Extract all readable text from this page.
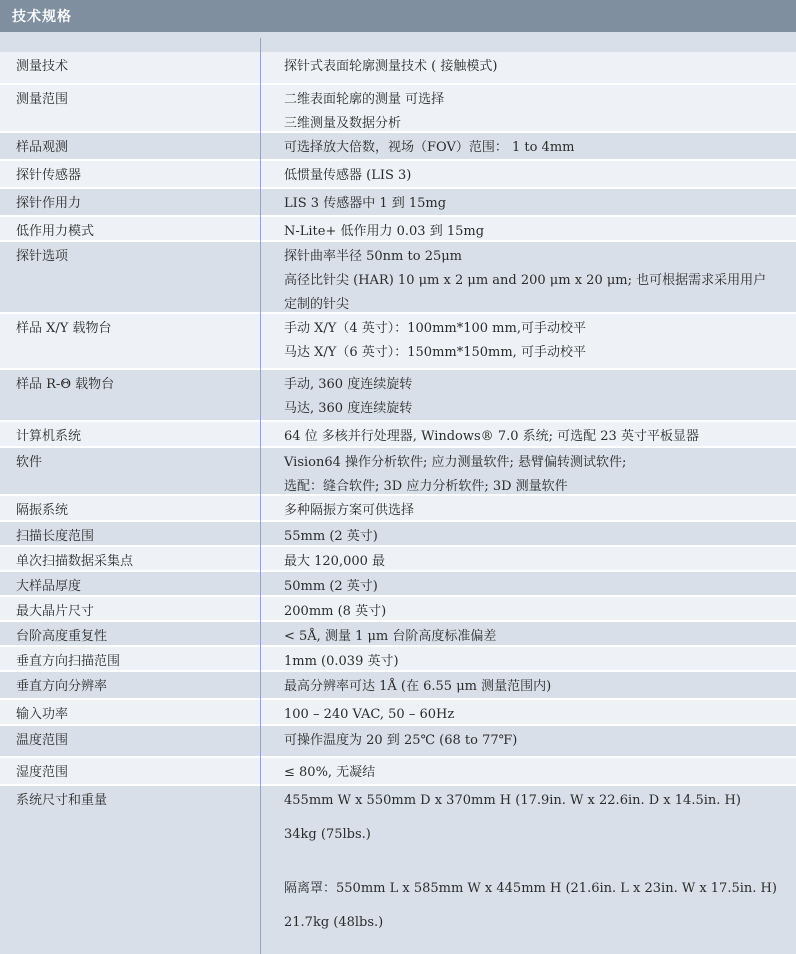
技术规格
测量技术	探针式表面轮廓测量技术 ( 接触模式)
测量范围	二维表面轮廓的测量 可选择
三维测量及数据分析
样品观测	可选择放大倍数，视场（FOV）范围： 1 to 4mm
探针传感器	低惯量传感器 (LIS 3)
探针作用力	LIS 3 传感器中 1 到 15mg
低作用力模式	N-Lite+ 低作用力 0.03 到 15mg
探针选项	探针曲率半径 50nm to 25μm
高径比针尖 (HAR) 10 μm x 2 μm and 200 μm x 20 μm; 也可根据需求采用用户
定制的针尖
样品 X/Y 载物台	手动 X/Y（4 英寸）：100mm*100 mm,可手动校平
马达 X/Y（6 英寸）：150mm*150mm, 可手动校平
样品 R-Θ 载物台	手动, 360 度连续旋转
马达, 360 度连续旋转
计算机系统	64 位 多核并行处理器, Windows® 7.0 系统; 可选配 23 英寸平板显器
软件	Vision64 操作分析软件; 应力测量软件; 悬臂偏转测试软件;
选配：缝合软件; 3D 应力分析软件; 3D 测量软件
隔振系统	多种隔振方案可供选择
扫描长度范围	55mm (2 英寸)
单次扫描数据采集点	最大 120,000 最
大样品厚度	50mm (2 英寸)
最大晶片尺寸	200mm (8 英寸)
台阶高度重复性	< 5Å, 测量 1 μm 台阶高度标准偏差
垂直方向扫描范围	1mm (0.039 英寸)
垂直方向分辨率	最高分辨率可达 1Å (在 6.55 μm 测量范围内)
输入功率	100 – 240 VAC, 50 – 60Hz
温度范围	可操作温度为 20 到 25℃ (68 to 77℉)
湿度范围	≤ 80%, 无凝结
系统尺寸和重量	455mm W x 550mm D x 370mm H (17.9in. W x 22.6in. D x 14.5in. H)
34kg (75lbs.)
隔离罩：550mm L x 585mm W x 445mm H (21.6in. L x 23in. W x 17.5in. H)
21.7kg (48lbs.)
